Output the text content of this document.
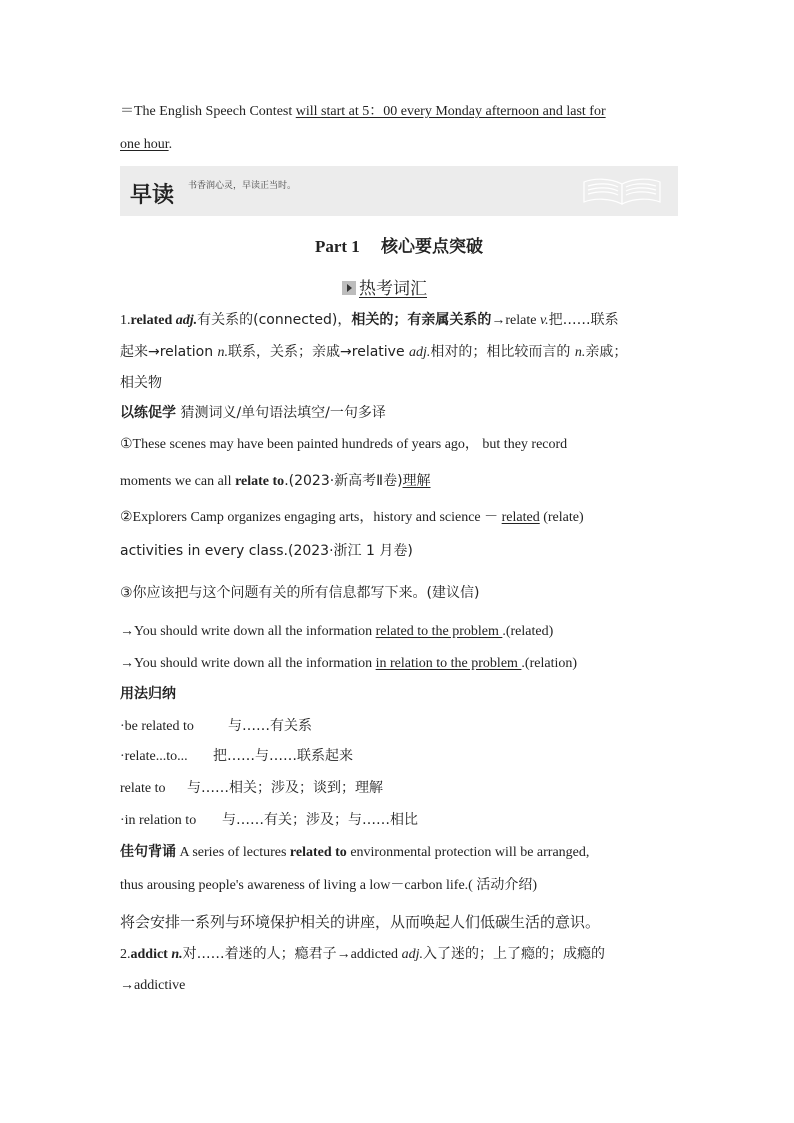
＝The English Speech Contest will start at 5：00 every Monday afternoon and last for
one hour.
早读 书香润心灵，早读正当时。
Part 1 核心要点突破
热考词汇
1.related adj.有关系的(connected)，相关的；有亲属关系的→relate v.把……联系
起来→relation n.联系，关系；亲戚→relative adj.相对的；相比较而言的 n.亲戚；
相关物
以练促学 猜测词义/单句语法填空/一句多译
①These scenes may have been painted hundreds of years ago， but they record
moments we can all relate to.(2023·新高考Ⅱ卷)理解
②Explorers Camp organizes engaging arts，history and science － related (relate)
activities in every class.(2023·浙江 1 月卷)
③你应该把与这个问题有关的所有信息都写下来。(建议信)
→You should write down all the information related to the problem .(related)
→You should write down all the information in relation to the problem .(relation)
用法归纳
·be related to 与……有关系
·relate...to... 把……与……联系起来
relate to 与……相关；涉及；谈到；理解
·in relation to 与……有关；涉及；与……相比
佳句背诵 A series of lectures related to environmental protection will be arranged,
thus arousing people's awareness of living a low－carbon life.( 活动介绍)
将会安排一系列与环境保护相关的讲座，从而唤起人们低碳生活的意识。
2.addict n.对……着迷的人；瘾君子→addicted adj.入了迷的；上了瘾的；成瘾的
→addictive
